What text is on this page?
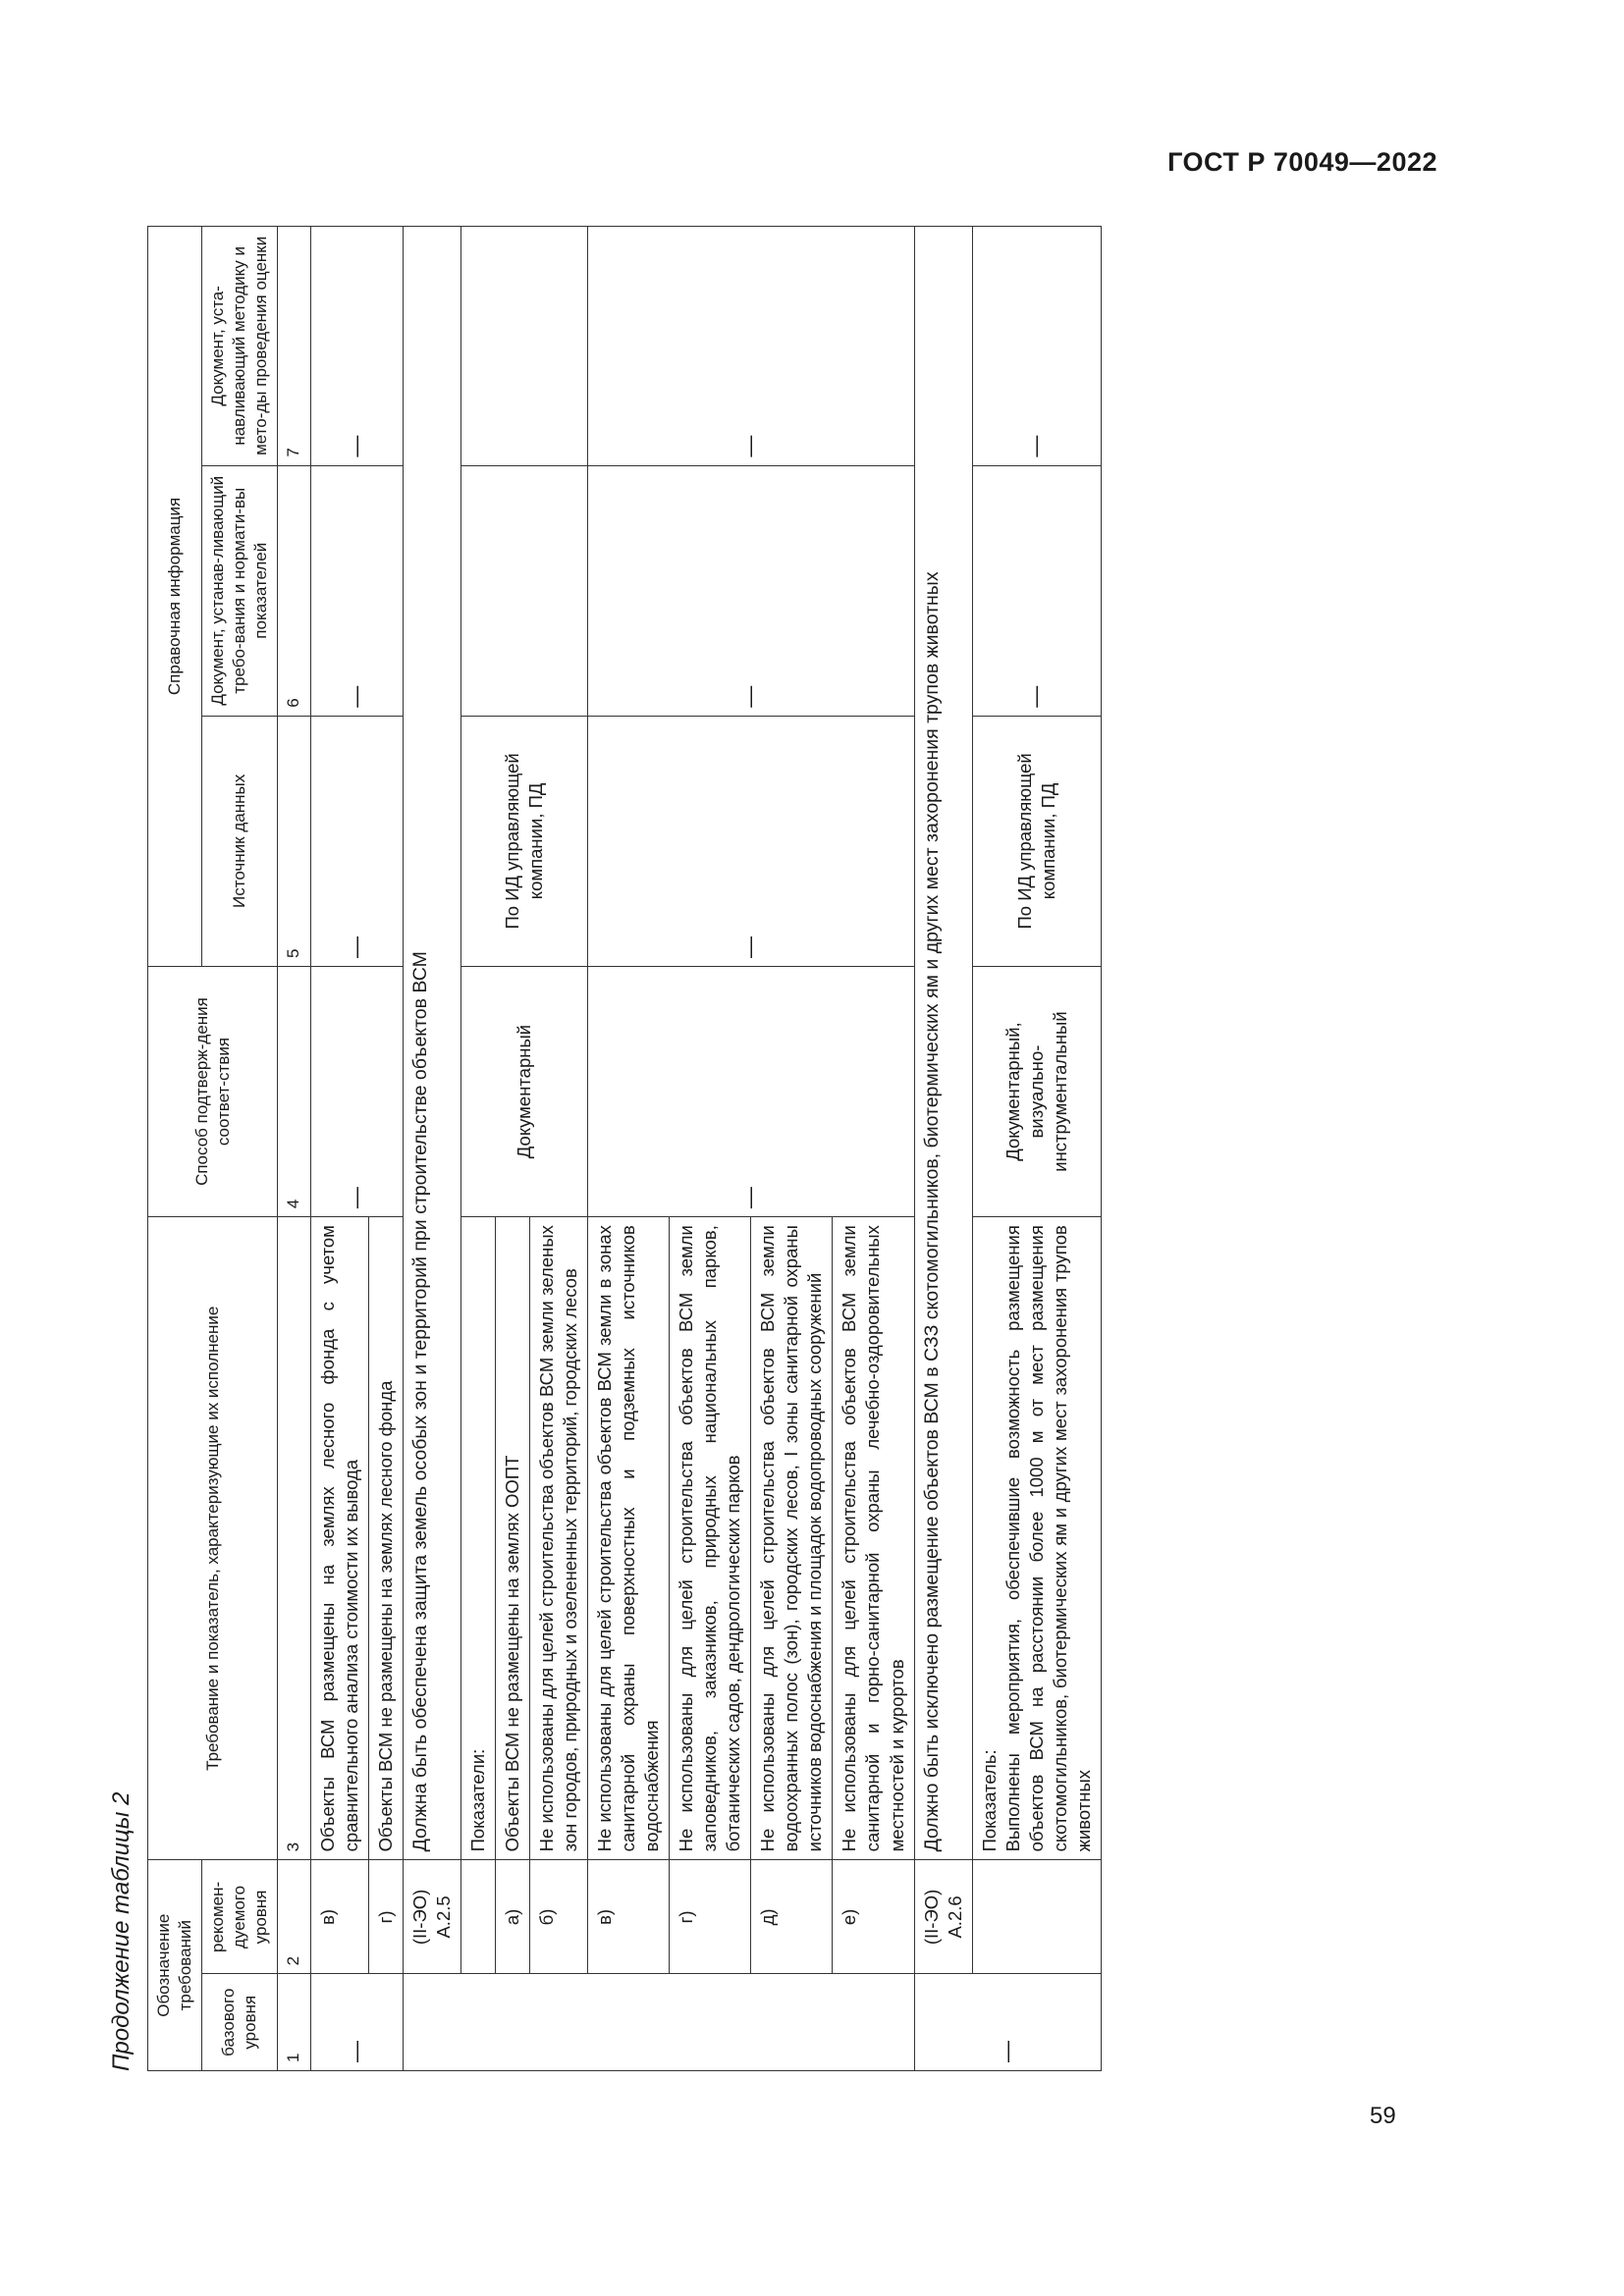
ГОСТ Р 70049—2022
Продолжение таблицы 2 Обозначение требований		Требование и показатель, характеризующие их исполнение	Способ подтверж-дения соответ-ствия	Справочная информация		
базового уровня	рекомен-дуемого уровня			Источник данных	Документ, устанав-ливающий требо-вания и нормати-вы показателей	Документ, уста-навливающий методику и мето-ды проведения оценки
1	2	3	4	5	6	7
—	в)	Объекты ВСМ размещены на землях лесного фонда с учетом сравнительного анализа стоимости их вывода	—	—	—	—
	г)	Объекты ВСМ не размещены на землях лесного фонда				
	(II-ЭО) А.2.5	Должна быть обеспечена защита земель особых зон и территорий при строительстве объектов ВСМ				
		Показатели:	Документарный	По ИД управляющей компании, ПД		
	а)	Объекты ВСМ не размещены на землях ООПТ				
	б)	Не использованы для целей строительства объектов ВСМ земли зеленых зон городов, природных и озелененных территорий, городских лесов				
	в)	Не использованы для целей строительства объектов ВСМ земли в зонах санитарной охраны поверхностных и подземных источников водоснабжения	—	—	—	—
	г)	Не использованы для целей строительства объектов ВСМ земли заповедников, заказников, природных национальных парков, ботанических садов, дендрологических парков				
	д)	Не использованы для целей строительства объектов ВСМ земли водоохранных полос (зон), городских лесов, I зоны санитарной охраны источников водоснабжения и площадок водопроводных сооружений				
	е)	Не использованы для целей строительства объектов ВСМ земли санитарной и горно-санитарной охраны лечебно-оздоровительных местностей и курортов				
—	(II-ЭО) А.2.6	Должно быть исключено размещение объектов ВСМ в СЗЗ скотомогильников, биотермических ям и других мест захоронения трупов животных				

		Показатель: Выполнены мероприятия, обеспечившие возможность размещения объектов ВСМ на расстоянии более 1000 м от мест размещения скотомогильников, биотермических ям и других мест захоронения трупов животных	Документарный, визуально-инструментальный	По ИД управляющей компании, ПД	—	—
59
